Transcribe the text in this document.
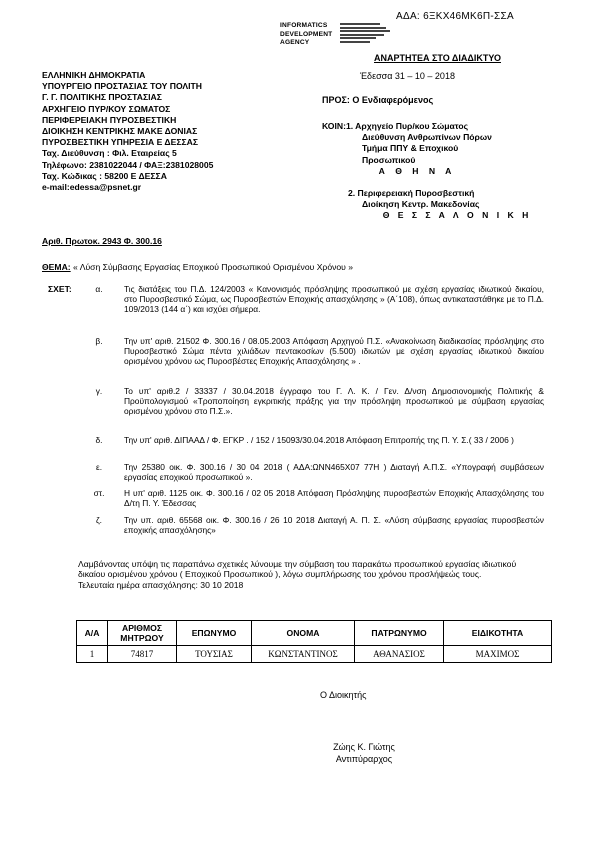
ΑΔΑ: 6ΞΚΧ46ΜΚ6Π-ΣΣΑ
INFORMATICS
DEVELOPMENT
AGENCY
ΑΝΑΡΤΗΤΕΑ ΣΤΟ ΔΙΑΔΙΚΤΥΟ
ΕΛΛΗΝΙΚΗ ΔΗΜΟΚΡΑΤΙΑ
ΥΠΟΥΡΓΕΙΟ ΠΡΟΣΤΑΣΙΑΣ ΤΟΥ ΠΟΛΙΤΗ
Γ. Γ. ΠΟΛΙΤΙΚΗΣ ΠΡΟΣΤΑΣΙΑΣ
ΑΡΧΗΓΕΙΟ ΠΥΡ/ΚΟΥ ΣΩΜΑΤΟΣ
ΠΕΡΙΦΕΡΕΙΑΚΗ ΠΥΡΟΣΒΕΣΤΙΚΗ
ΔΙΟΙΚΗΣΗ ΚΕΝΤΡΙΚΗΣ ΜΑΚΕ ΔΟΝΙΑΣ
ΠΥΡΟΣΒΕΣΤΙΚΗ ΥΠΗΡΕΣΙΑ Ε ΔΕΣΣΑΣ
Ταχ. Διεύθυνση : Φιλ. Εταιρείας 5
Τηλέφωνο: 2381022044 / ΦΑΞ:2381028005
Ταχ. Κώδικας : 58200 Ε ΔΕΣΣΑ
e-mail:edessa@psnet.gr
Έδεσσα 31 – 10 – 2018
ΠΡΟΣ: Ο Ενδιαφερόμενος
ΚΟΙΝ:1. Αρχηγείο Πυρ/κου Σώματος
Διεύθυνση Ανθρωπίνων Πόρων
Τμήμα ΠΠΥ & Εποχικού
Προσωπικού
Α Θ Η Ν Α
2. Περιφερειακή Πυροσβεστική
Διοίκηση Κεντρ. Μακεδονίας
Θ Ε Σ Σ Α Λ Ο Ν Ι Κ Η
Αριθ. Πρωτοκ. 2943 Φ. 300.16
ΘΕΜΑ: « Λύση Σύμβασης Εργασίας Εποχικού Προσωπικού Ορισμένου Χρόνου »
ΣΧΕΤ:	α.	Τις διατάξεις του Π.Δ. 124/2003 « Κανονισμός πρόσληψης προσωπικού με σχέση εργασίας ιδιωτικού δικαίου, στο Πυροσβεστικό Σώμα, ως Πυροσβεστών Εποχικής απασχόλησης » (Α΄108), όπως αντικαταστάθηκε με το Π.Δ. 109/2013 (144 α΄) και ισχύει σήμερα.
β.	Την υπ' αριθ. 21502 Φ. 300.16 / 08.05.2003 Απόφαση Αρχηγού Π.Σ. «Ανακοίνωση διαδικασίας πρόσληψης στο Πυροσβεστικό Σώμα πέντα χιλιάδων πεντακοσίων (5.500) ιδιωτών με σχέση εργασίας ιδιωτικού δικαίου ορισμένου χρόνου ως Πυροσβέστες Εποχικής Απασχόλησης » .
γ.	Το υπ' αριθ.2 / 33337 / 30.04.2018 έγγραφο του Γ. Λ. Κ. / Γεν. Δ/νση Δημοσιονομικής Πολιτικής & Προϋπολογισμού «Τροποποίηση εγκριτικής πράξης για την πρόσληψη προσωπικού με σύμβαση εργασίας ορισμένου χρόνου στο Π.Σ.».
δ.	Την υπ' αριθ. ΔΙΠΑΑΔ / Φ. ΕΓΚΡ . / 152 / 15093/30.04.2018 Απόφαση Επιτροπής της Π. Υ. Σ.( 33 / 2006 )
ε.	Την 25380 οικ. Φ. 300.16 / 30 04 2018 ( ΑΔΑ:ΩΝΝ465Χ07 77Η ) Διαταγή Α.Π.Σ. «Υπογραφή συμβάσεων εργασίας εποχικού προσωπικού ».
στ.	Η υπ' αριθ. 1125 οικ. Φ. 300.16 / 02 05 2018 Απόφαση Πρόσληψης πυροσβεστών Εποχικής Απασχόλησης του Δ/τη Π. Υ. Έδεσσας
ζ.	Την υπ. αριθ. 65568 οικ. Φ. 300.16 / 26 10 2018 Διαταγή Α. Π. Σ. «Λύση σύμβασης εργασίας πυροσβεστών εποχικής απασχόλησης»
Λαμβάνοντας υπόψη τις παραπάνω σχετικές λύνουμε την σύμβαση του παρακάτω προσωπικού εργασίας ιδιωτικού δικαίου ορισμένου χρόνου ( Εποχικού Προσωπικού ), λόγω συμπλήρωσης του χρόνου προσλήψεώς τους.
Τελευταία ημέρα απασχόλησης: 30 10 2018
Α/Α	ΑΡΙΘΜΟΣ ΜΗΤΡΩΟΥ	ΕΠΩΝΥΜΟ	ΟΝΟΜΑ	ΠΑΤΡΩΝΥΜΟ	ΕΙΔΙΚΟΤΗΤΑ
1	74817	ΤΟΥΣΙΑΣ	ΚΩΝΣΤΑΝΤΙΝΟΣ	ΑΘΑΝΑΣΙΟΣ	ΜΑΧΙΜΟΣ
Ο Διοικητής
Ζώης Κ. Γιώτης
Αντιπύραρχος
